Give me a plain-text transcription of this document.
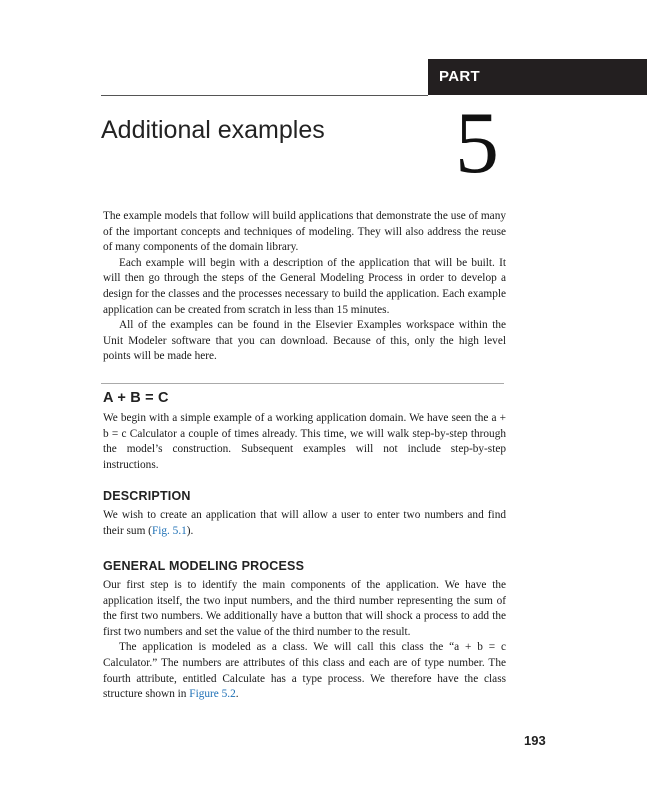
PART
Additional examples 5

The example models that follow will build applications that demonstrate the use of many of the important concepts and techniques of modeling. They will also address the reuse of many components of the domain library.

Each example will begin with a description of the application that will be built. It will then go through the steps of the General Modeling Process in order to develop a design for the classes and the processes necessary to build the application. Each example application can be created from scratch in less than 15 minutes.

All of the examples can be found in the Elsevier Examples workspace within the Unit Modeler software that you can download. Because of this, only the high level points will be made here.

A + B = C

We begin with a simple example of a working application domain. We have seen the a + b = c Calculator a couple of times already. This time, we will walk step-by-step through the model’s construction. Subsequent examples will not include step-by-step instructions.

DESCRIPTION

We wish to create an application that will allow a user to enter two numbers and find their sum (Fig. 5.1).

GENERAL MODELING PROCESS

Our first step is to identify the main components of the application. We have the application itself, the two input numbers, and the third number representing the sum of the first two numbers. We additionally have a button that will shock a process to add the first two numbers and set the value of the third number to the result.

The application is modeled as a class. We will call this class the “a + b = c Calculator.” The numbers are attributes of this class and each are of type number. The fourth attribute, entitled Calculate has a type process. We therefore have the class structure shown in Figure 5.2.

193
